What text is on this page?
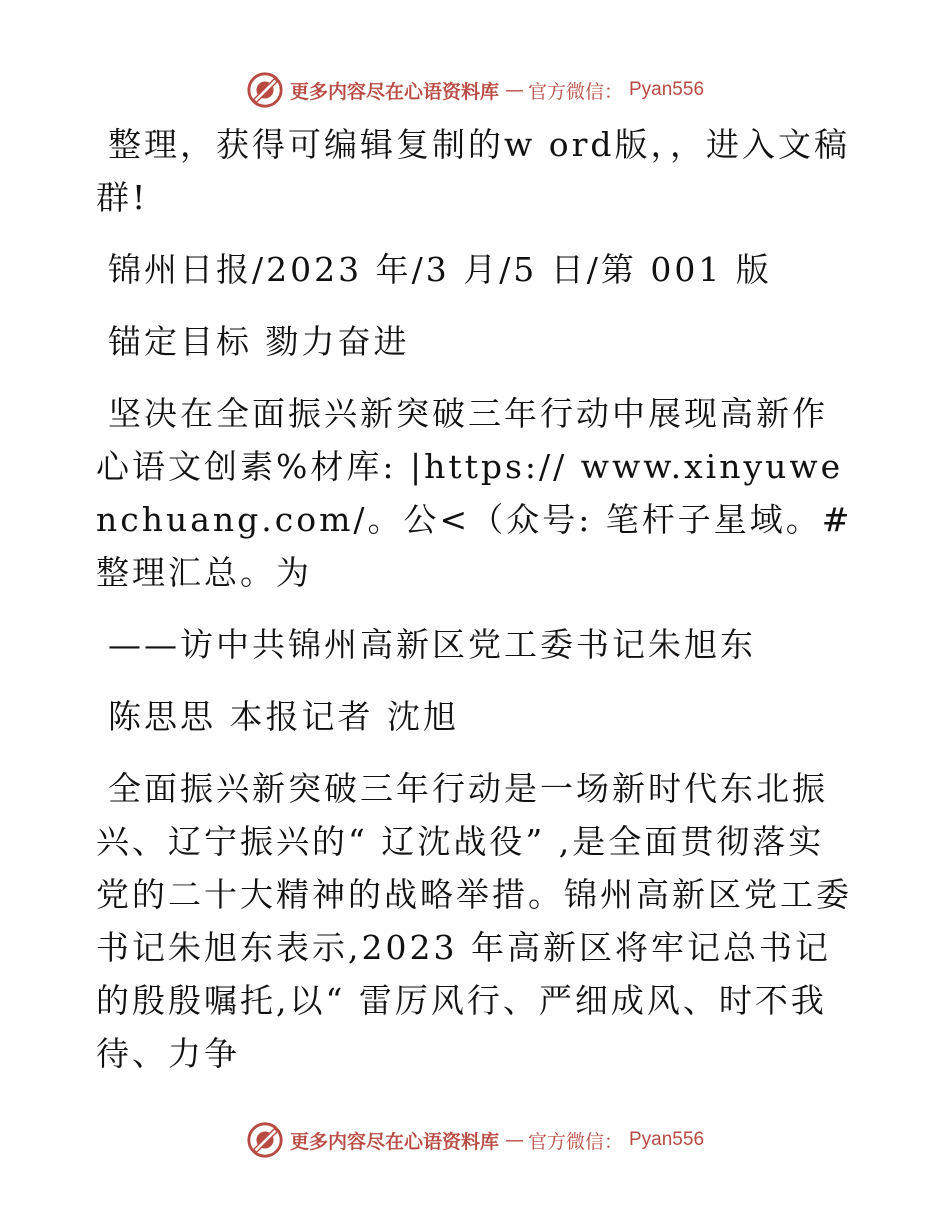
更多内容尽在心语资料库 — 官方微信： Pyan556

整理，获得可编辑复制的w ord版，，进入文稿群!

锦州日报/2023 年/3 月/5 日/第 001 版

锚定目标 勠力奋进

坚决在全面振兴新突破三年行动中展现高新作心语文创素%材库: |https:// www.xinyuwenchuang.com/。公<（众号: 笔杆子星域。#整理汇总。为

——访中共锦州高新区党工委书记朱旭东

陈思思 本报记者 沈旭

全面振兴新突破三年行动是一场新时代东北振兴、辽宁振兴的“ 辽沈战役” ,是全面贯彻落实党的二十大精神的战略举措。锦州高新区党工委书记朱旭东表示,2023 年高新区将牢记总书记的殷殷嘱托,以“ 雷厉风行、严细成风、时不我待、力争

更多内容尽在心语资料库 — 官方微信： Pyan556
